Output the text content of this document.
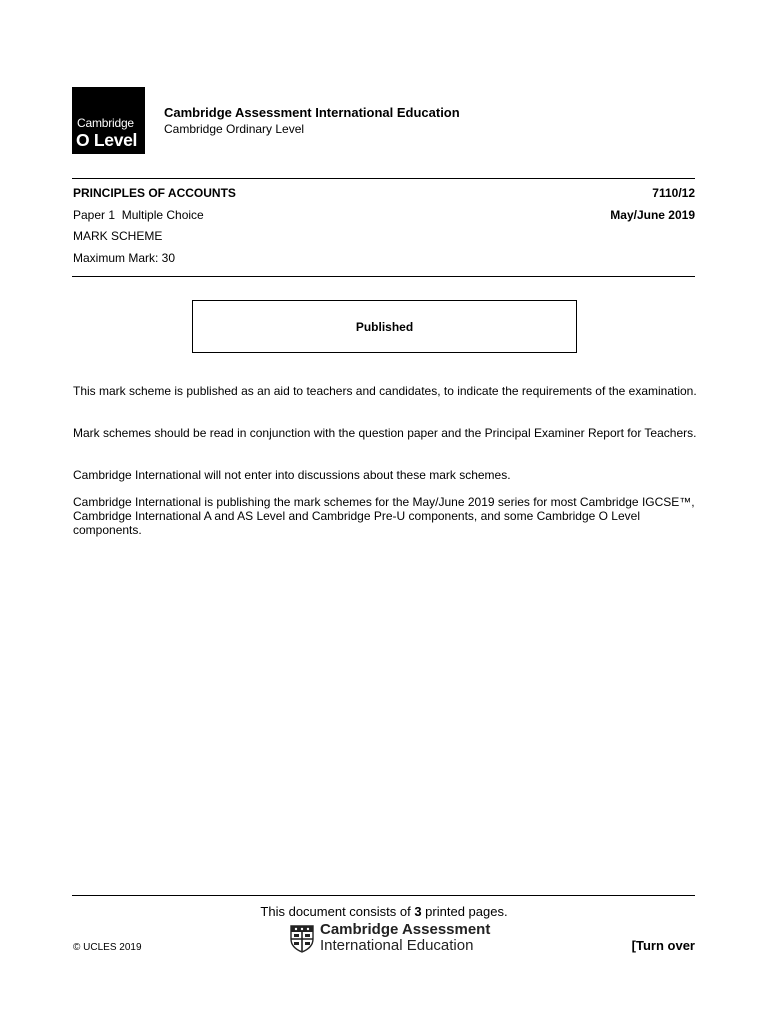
Cambridge
O Level
Cambridge Assessment International Education
Cambridge Ordinary Level
PRINCIPLES OF ACCOUNTS	7110/12
Paper 1  Multiple Choice	May/June 2019
MARK SCHEME
Maximum Mark: 30
Published
This mark scheme is published as an aid to teachers and candidates, to indicate the requirements of the examination.
Mark schemes should be read in conjunction with the question paper and the Principal Examiner Report for Teachers.
Cambridge International will not enter into discussions about these mark schemes.
Cambridge International is publishing the mark schemes for the May/June 2019 series for most Cambridge IGCSE™, Cambridge International A and AS Level and Cambridge Pre-U components, and some Cambridge O Level components.
This document consists of 3 printed pages.
© UCLES 2019
Cambridge Assessment
International Education	[Turn over
